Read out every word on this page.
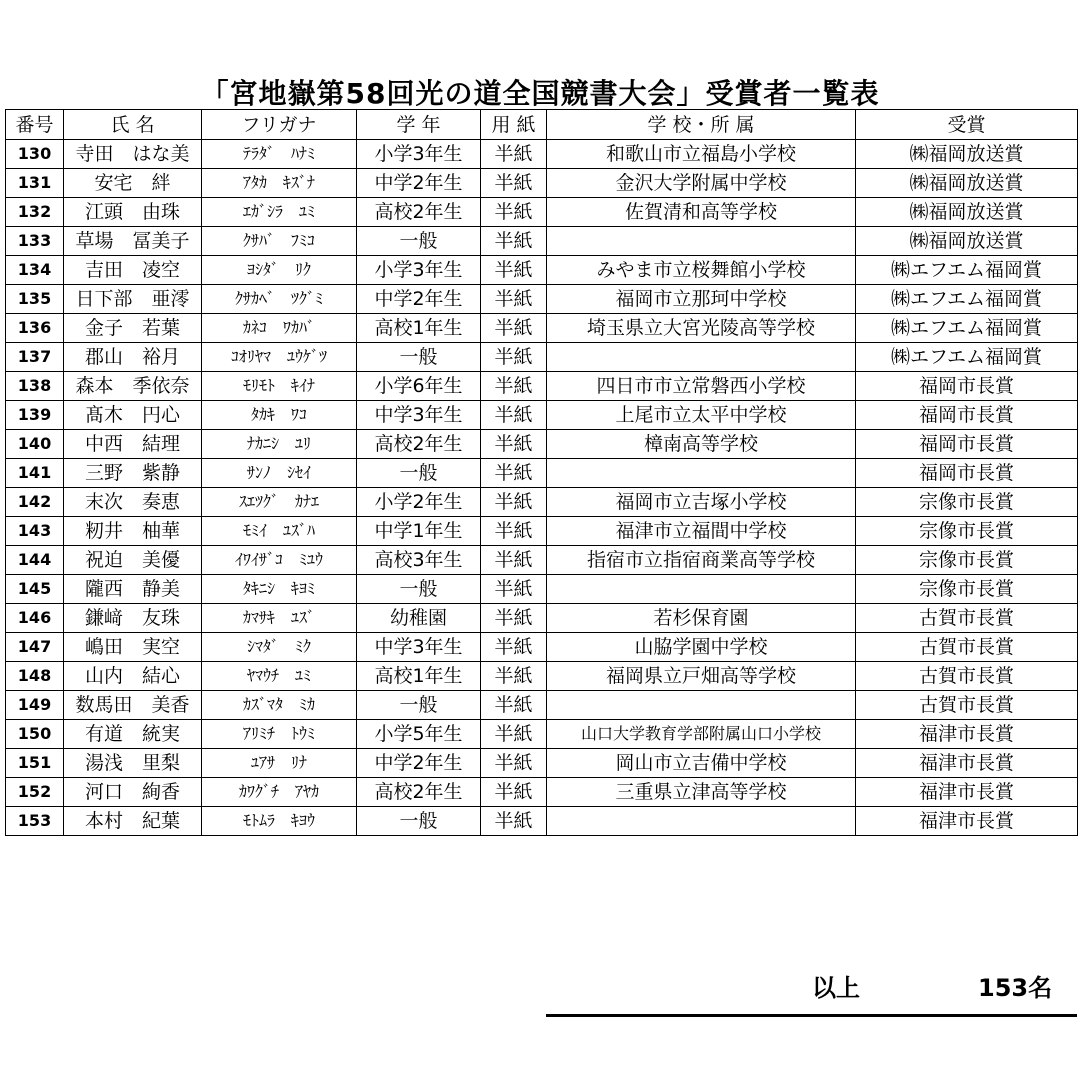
「宮地嶽第58回光の道全国競書大会」受賞者一覧表
番号	氏 名	フリガナ	学 年	用 紙	学 校・所 属	受賞
130	寺田　はな美	ﾃﾗﾀﾞ　ﾊﾅﾐ	小学3年生	半紙	和歌山市立福島小学校	㈱福岡放送賞
131	安宅　絆	ｱﾀｶ　ｷｽﾞﾅ	中学2年生	半紙	金沢大学附属中学校	㈱福岡放送賞
132	江頭　由珠	ｴｶﾞｼﾗ　ﾕﾐ	高校2年生	半紙	佐賀清和高等学校	㈱福岡放送賞
133	草場　冨美子	ｸｻﾊﾞ　ﾌﾐｺ	一般	半紙		㈱福岡放送賞
134	吉田　凌空	ﾖｼﾀﾞ　ﾘｸ	小学3年生	半紙	みやま市立桜舞館小学校	㈱エフエム福岡賞
135	日下部　亜澪	ｸｻｶﾍﾞ　ﾂｸﾞﾐ	中学2年生	半紙	福岡市立那珂中学校	㈱エフエム福岡賞
136	金子　若葉	ｶﾈｺ　ﾜｶﾊﾞ	高校1年生	半紙	埼玉県立大宮光陵高等学校	㈱エフエム福岡賞
137	郡山　裕月	ｺｵﾘﾔﾏ　ﾕｳｹﾞﾂ	一般	半紙		㈱エフエム福岡賞
138	森本　季依奈	ﾓﾘﾓﾄ　ｷｲﾅ	小学6年生	半紙	四日市市立常磐西小学校	福岡市長賞
139	髙木　円心	ﾀｶｷ　ﾜｺ	中学3年生	半紙	上尾市立太平中学校	福岡市長賞
140	中西　結理	ﾅｶﾆｼ　ﾕﾘ	高校2年生	半紙	樟南高等学校	福岡市長賞
141	三野　紫静	ｻﾝﾉ　ｼｾｲ	一般	半紙		福岡市長賞
142	末次　奏恵	ｽｴﾂｸﾞ　ｶﾅｴ	小学2年生	半紙	福岡市立吉塚小学校	宗像市長賞
143	籾井　柚華	ﾓﾐｲ　ﾕｽﾞﾊ	中学1年生	半紙	福津市立福間中学校	宗像市長賞
144	祝迫　美優	ｲﾜｲｻﾞｺ　ﾐﾕｳ	高校3年生	半紙	指宿市立指宿商業高等学校	宗像市長賞
145	隴西　静美	ﾀｷﾆｼ　ｷﾖﾐ	一般	半紙		宗像市長賞
146	鎌﨑　友珠	ｶﾏｻｷ　ﾕｽﾞ	幼稚園	半紙	若杉保育園	古賀市長賞
147	嶋田　実空	ｼﾏﾀﾞ　ﾐｸ	中学3年生	半紙	山脇学園中学校	古賀市長賞
148	山内　結心	ﾔﾏｳﾁ　ﾕﾐ	高校1年生	半紙	福岡県立戸畑高等学校	古賀市長賞
149	数馬田　美香	ｶｽﾞﾏﾀ　ﾐｶ	一般	半紙		古賀市長賞
150	有道　統実	ｱﾘﾐﾁ　ﾄｳﾐ	小学5年生	半紙	山口大学教育学部附属山口小学校	福津市長賞
151	湯浅　里梨	ﾕｱｻ　ﾘﾅ	中学2年生	半紙	岡山市立吉備中学校	福津市長賞
152	河口　絢香	ｶﾜｸﾞﾁ　ｱﾔｶ	高校2年生	半紙	三重県立津高等学校	福津市長賞
153	本村　紀葉	ﾓﾄﾑﾗ　ｷﾖｳ	一般	半紙		福津市長賞
以上	153名
